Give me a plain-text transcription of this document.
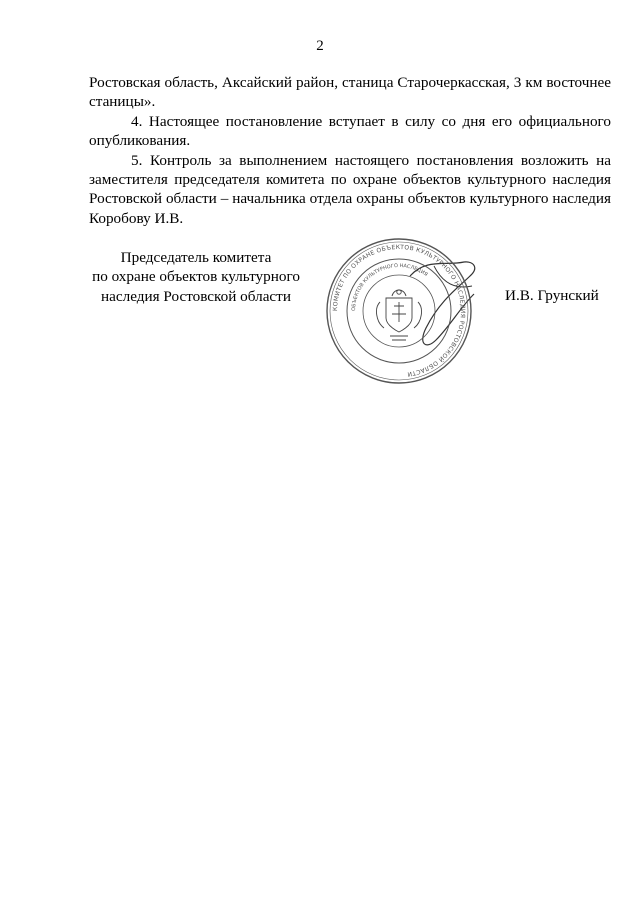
2

Ростовская область, Аксайский район, станица Старочеркасская, 3 км восточнее станицы».

4. Настоящее постановление вступает в силу со дня его официального опубликования.

5. Контроль за выполнением настоящего постановления возложить на заместителя председателя комитета по охране объектов культурного наследия Ростовской области – начальника отдела охраны объектов культурного наследия Коробову И.В.

Председатель комитета
по охране объектов культурного
наследия Ростовской области
КОМИТЕТ ПО ОХРАНЕ ОБЪЕКТОВ КУЛЬТУРНОГО НАСЛЕДИЯ РОСТОВСКОЙ ОБЛАСТИ
ОБЪЕКТОВ КУЛЬТУРНОГО НАСЛЕДИЯ
И.В. Грунский
